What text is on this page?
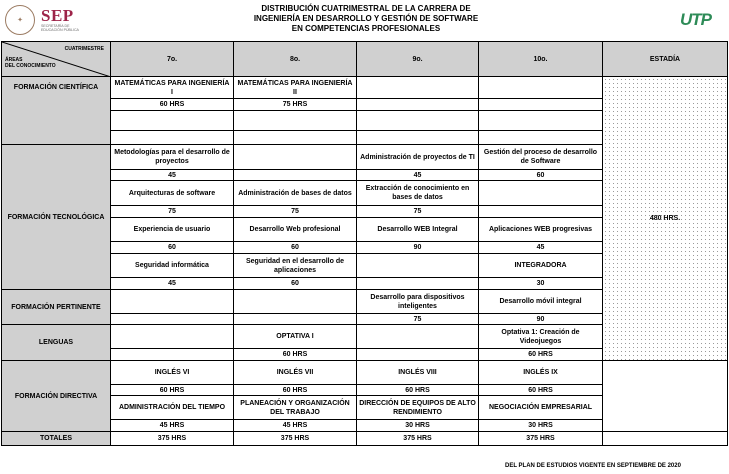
✦	SEP
SECRETARÍA DE EDUCACIÓN PÚBLICA
DISTRIBUCIÓN CUATRIMESTRAL DE LA CARRERA DE
INGENIERÍA EN DESARROLLO Y GESTIÓN DE SOFTWARE
EN COMPETENCIAS PROFESIONALES	UTP
CUATRIMESTRE
ÁREAS
DEL CONOCIMIENTO	7o.	8o.	9o.	10o.	ESTADÍA
FORMACIÓN CIENTÍFICA	MATEMÁTICAS PARA INGENIERÍA I	MATEMÁTICAS PARA INGENIERÍA II			480 HRS.
	60 HRS	75 HRS			

FORMACIÓN TECNOLÓGICA	Metodologías para el desarrollo de proyectos		Administración de proyectos de TI	Gestión del proceso de desarrollo de Software	
	45		45	60	
	Arquitecturas de software	Administración de bases de datos	Extracción de conocimiento en bases de datos		
	75	75	75		
	Experiencia de usuario	Desarrollo Web profesional	Desarrollo WEB Integral	Aplicaciones WEB progresivas	
	60	60	90	45	
	Seguridad informática	Seguridad en el desarrollo de aplicaciones		INTEGRADORA	
	45	60		30	
FORMACIÓN PERTINENTE			Desarrollo para dispositivos inteligentes	Desarrollo móvil integral	
			75	90	
LENGUAS		OPTATIVA I		Optativa 1: Creación de Videojuegos	
		60 HRS		60 HRS	
FORMACIÓN DIRECTIVA	INGLÉS VI	INGLÉS VII	INGLÉS VIII	INGLÉS IX	
	60 HRS	60 HRS	60 HRS	60 HRS	
	ADMINISTRACIÓN DEL TIEMPO	PLANEACIÓN Y ORGANIZACIÓN DEL TRABAJO	DIRECCIÓN DE EQUIPOS DE ALTO RENDIMIENTO	NEGOCIACIÓN EMPRESARIAL	
	45 HRS	45 HRS	30 HRS	30 HRS	
TOTALES	375 HRS	375 HRS	375 HRS	375 HRS	
DEL PLAN DE ESTUDIOS VIGENTE EN SEPTIEMBRE DE 2020
